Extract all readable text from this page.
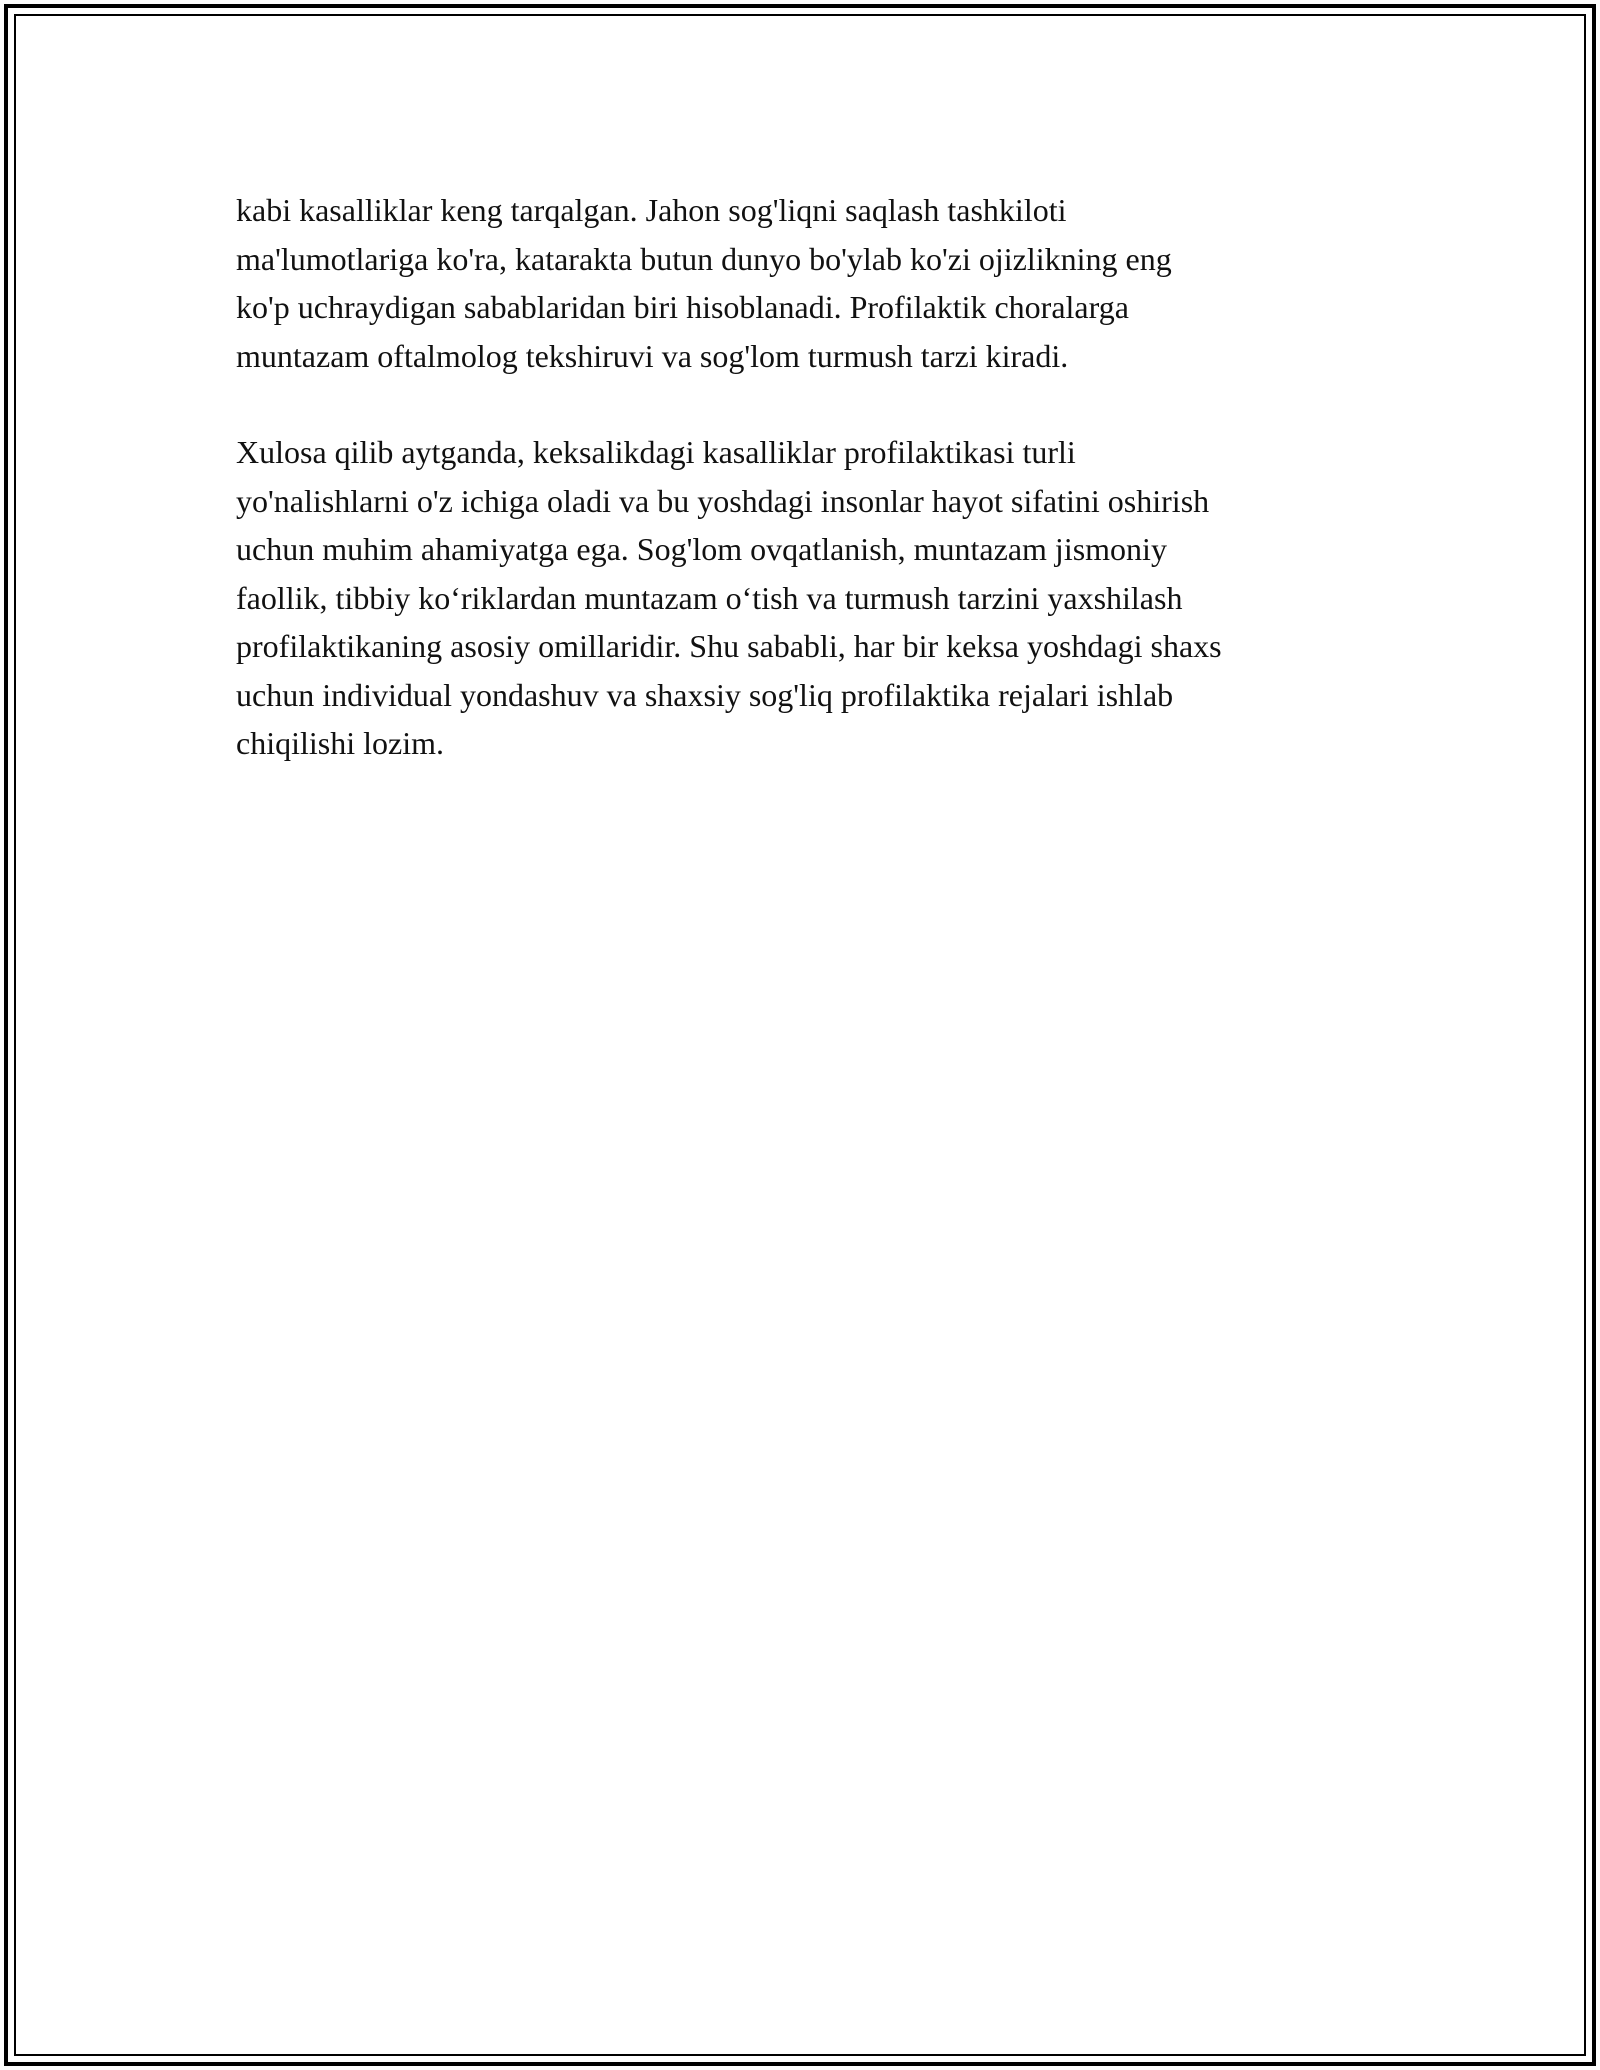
kabi kasalliklar keng tarqalgan. Jahon sog'liqni saqlash tashkiloti
ma'lumotlariga ko'ra, katarakta butun dunyo bo'ylab ko'zi ojizlikning eng
ko'p uchraydigan sabablaridan biri hisoblanadi. Profilaktik choralarga
muntazam oftalmolog tekshiruvi va sog'lom turmush tarzi kiradi.

Xulosa qilib aytganda, keksalikdagi kasalliklar profilaktikasi turli
yo'nalishlarni o'z ichiga oladi va bu yoshdagi insonlar hayot sifatini oshirish
uchun muhim ahamiyatga ega. Sog'lom ovqatlanish, muntazam jismoniy
faollik, tibbiy ko‘riklardan muntazam o‘tish va turmush tarzini yaxshilash
profilaktikaning asosiy omillaridir. Shu sababli, har bir keksa yoshdagi shaxs
uchun individual yondashuv va shaxsiy sog'liq profilaktika rejalari ishlab
chiqilishi lozim.
